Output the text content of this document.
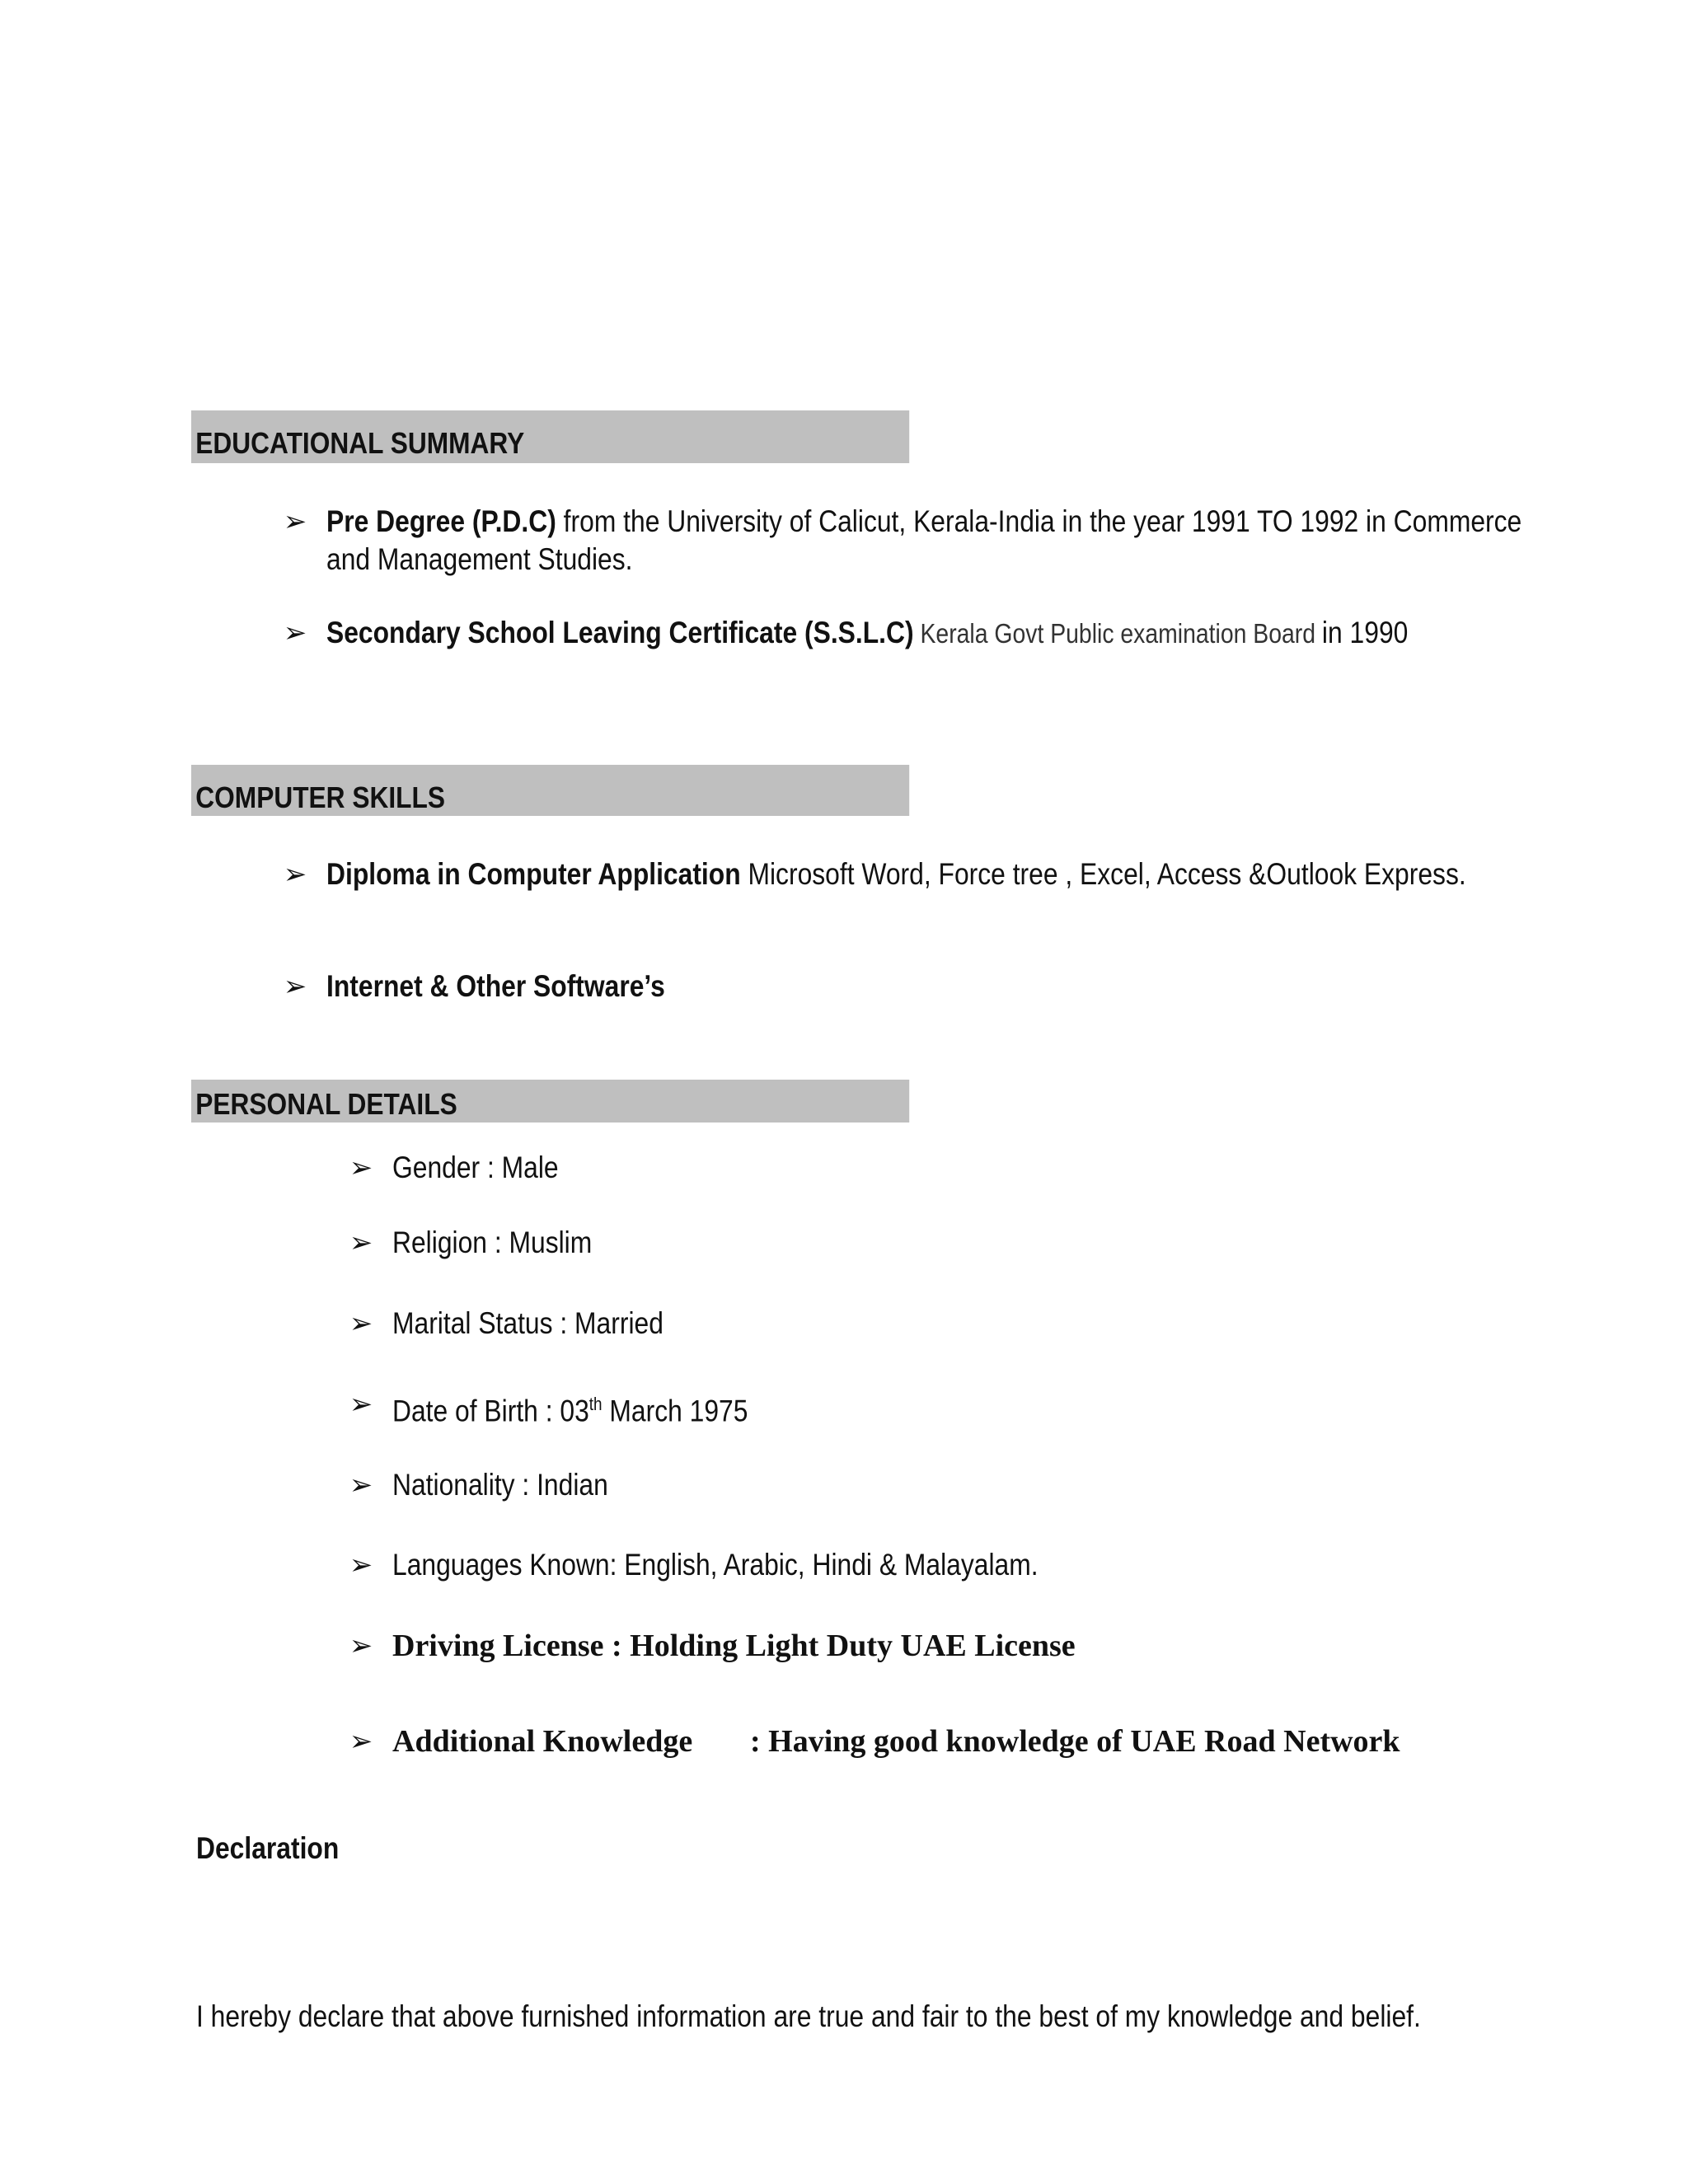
EDUCATIONAL SUMMARY
➢ Pre Degree (P.D.C) from the University of Calicut, Kerala-India in the year 1991 TO 1992 in Commerce
and Management Studies.
➢ Secondary School Leaving Certificate (S.S.L.C) Kerala Govt Public examination Board in 1990
COMPUTER SKILLS
➢ Diploma in Computer Application Microsoft Word, Force tree , Excel, Access &Outlook Express.
➢ Internet & Other Software’s
PERSONAL DETAILS
➢ Gender : Male
➢ Religion : Muslim
➢ Marital Status : Married
➢ Date of Birth : 03th March 1975
➢ Nationality : Indian
➢ Languages Known: English, Arabic, Hindi & Malayalam.
➢ Driving License : Holding Light Duty UAE License
➢ Additional Knowledge : Having good knowledge of UAE Road Network
Declaration
I hereby declare that above furnished information are true and fair to the best of my knowledge and belief.
